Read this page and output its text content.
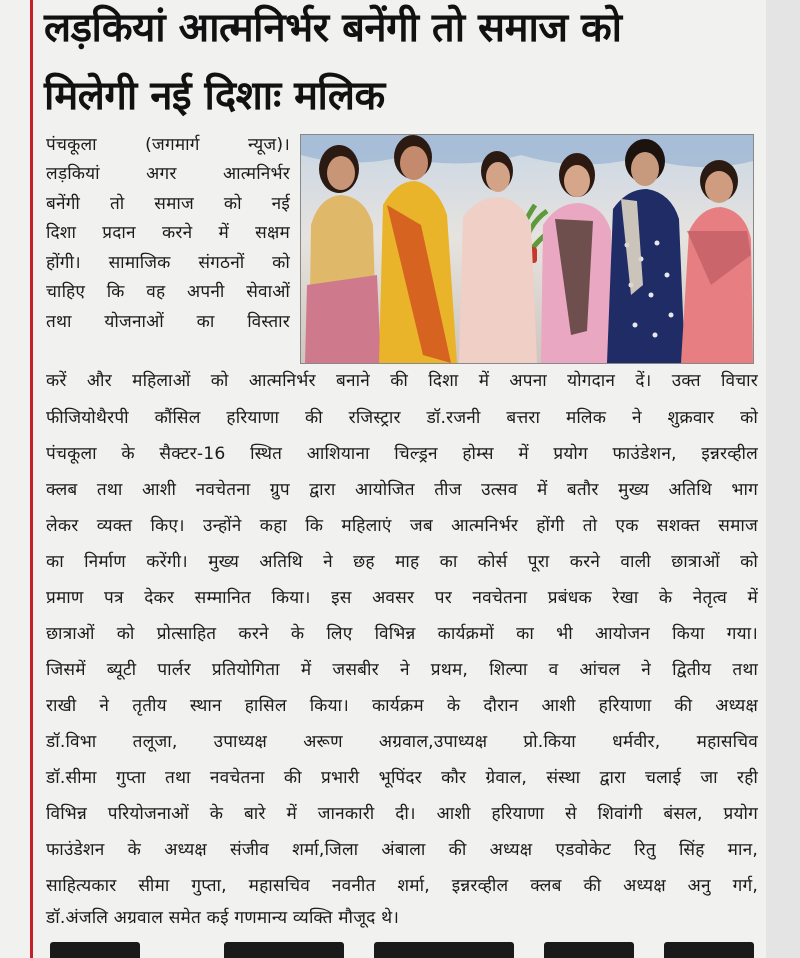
लड़कियां आत्मनिर्भर बनेंगी तो समाज को
मिलेगी नई दिशाः मलिक
पंचकूला (जगमार्ग न्यूज)।
लड़कियां अगर आत्मनिर्भर
बनेंगी तो समाज को नई
दिशा प्रदान करने में सक्षम
होंगी। सामाजिक संगठनों को
चाहिए कि वह अपनी सेवाओं
तथा योजनाओं का विस्तार
करें और महिलाओं को आत्मनिर्भर बनाने की दिशा में अपना योगदान दें। उक्त विचार
फीजियोथैरपी कौंसिल हरियाणा की रजिस्ट्रार डॉ.रजनी बत्तरा मलिक ने शुक्रवार को
पंचकूला के सैक्टर-16 स्थित आशियाना चिल्ड्रन होम्स में प्रयोग फाउंडेशन, इन्नरव्हील
क्लब तथा आशी नवचेतना ग्रुप द्वारा आयोजित तीज उत्सव में बतौर मुख्य अतिथि भाग
लेकर व्यक्त किए। उन्होंने कहा कि महिलाएं जब आत्मनिर्भर होंगी तो एक सशक्त समाज
का निर्माण करेंगी। मुख्य अतिथि ने छह माह का कोर्स पूरा करने वाली छात्राओं को
प्रमाण पत्र देकर सम्मानित किया। इस अवसर पर नवचेतना प्रबंधक रेखा के नेतृत्व में
छात्राओं को प्रोत्साहित करने के लिए विभिन्न कार्यक्रमों का भी आयोजन किया गया।
जिसमें ब्यूटी पार्लर प्रतियोगिता में जसबीर ने प्रथम, शिल्पा व आंचल ने द्वितीय तथा
राखी ने तृतीय स्थान हासिल किया। कार्यक्रम के दौरान आशी हरियाणा की अध्यक्ष
डॉ.विभा तलूजा, उपाध्यक्ष अरूण अग्रवाल,उपाध्यक्ष प्रो.किया धर्मवीर, महासचिव
डॉ.सीमा गुप्ता तथा नवचेतना की प्रभारी भूपिंदर कौर ग्रेवाल, संस्था द्वारा चलाई जा रही
विभिन्न परियोजनाओं के बारे में जानकारी दी। आशी हरियाणा से शिवांगी बंसल, प्रयोग
फाउंडेशन के अध्यक्ष संजीव शर्मा,जिला अंबाला की अध्यक्ष एडवोकेट रितु सिंह मान,
साहित्यकार सीमा गुप्ता, महासचिव नवनीत शर्मा, इन्नरव्हील क्लब की अध्यक्ष अनु गर्ग,
डॉ.अंजलि अग्रवाल समेत कई गणमान्य व्यक्ति मौजूद थे।
